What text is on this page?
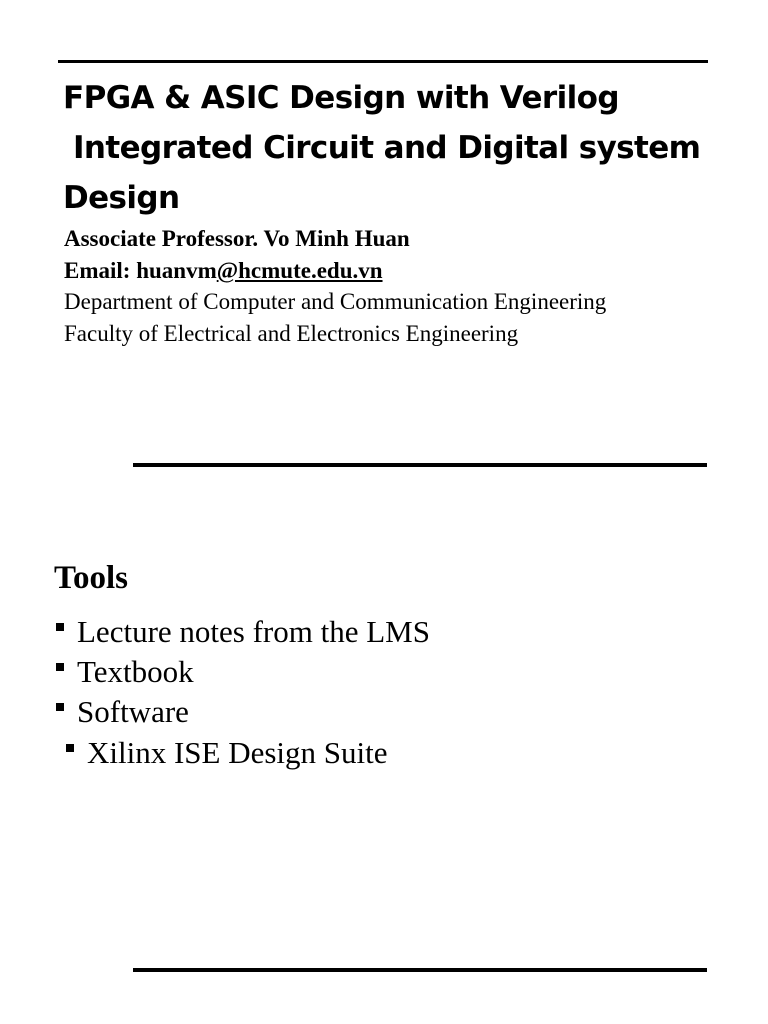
FPGA & ASIC Design with Verilog
Integrated Circuit and Digital system
Design
Associate Professor. Vo Minh Huan
Email: huanvm@hcmute.edu.vn
Department of Computer and Communication Engineering
Faculty of Electrical and Electronics Engineering
Tools
Lecture notes from the LMS
Textbook
Software
Xilinx ISE Design Suite
